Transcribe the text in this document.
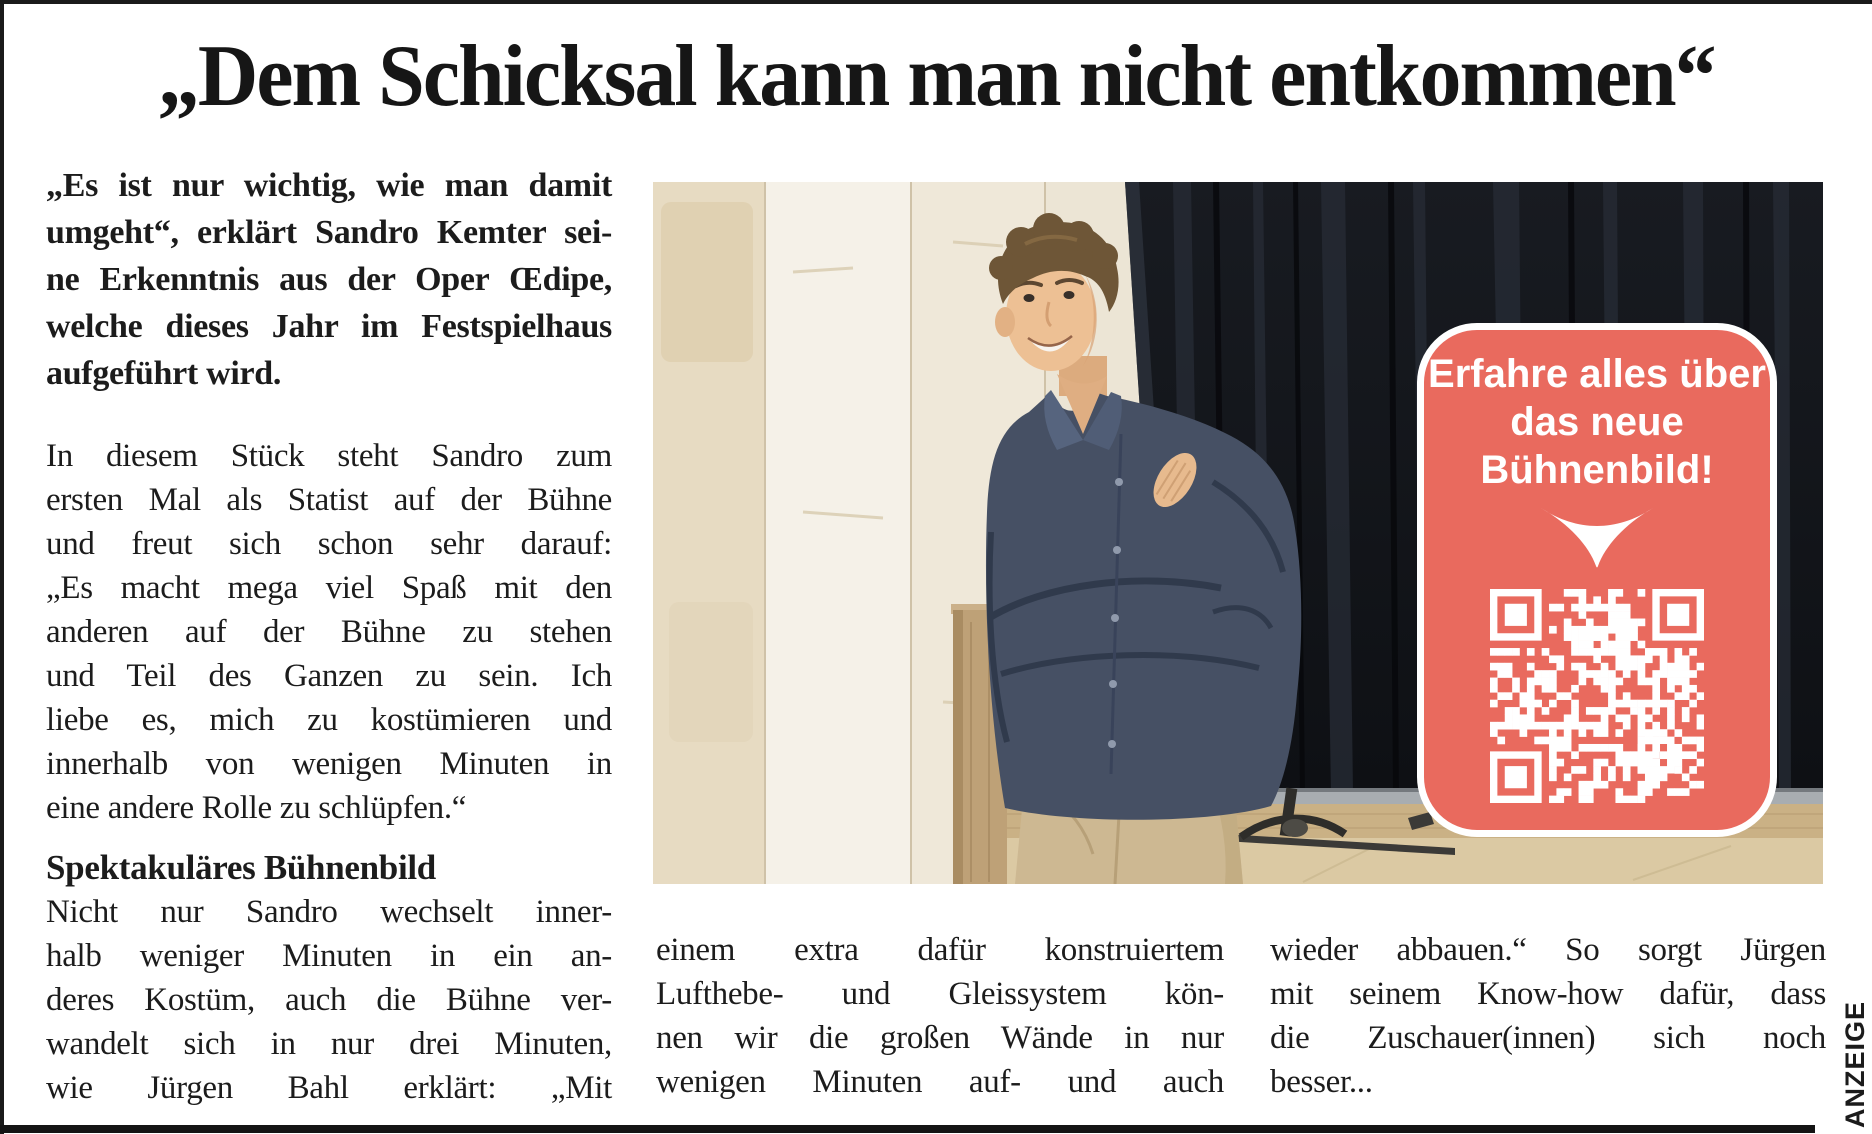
„Dem Schicksal kann man nicht entkommen“
„Es ist nur wichtig, wie man damit
umgeht“, erklärt Sandro Kemter sei-
ne Erkenntnis aus der Oper Œdipe,
welche dieses Jahr im Festspielhaus
aufgeführt wird.
In diesem Stück steht Sandro zum
ersten Mal als Statist auf der Bühne
und freut sich schon sehr darauf:
„Es macht mega viel Spaß mit den
anderen auf der Bühne zu stehen
und Teil des Ganzen zu sein. Ich
liebe es, mich zu kostümieren und
innerhalb von wenigen Minuten in
eine andere Rolle zu schlüpfen.“
Spektakuläres Bühnenbild
Nicht nur Sandro wechselt inner-
halb weniger Minuten in ein an-
deres Kostüm, auch die Bühne ver-
wandelt sich in nur drei Minuten,
wie Jürgen Bahl erklärt: „Mit
Erfahre alles über
das neue
Bühnenbild!
einem extra dafür konstruiertem
Lufthebe- und Gleissystem kön-
nen wir die großen Wände in nur
wenigen Minuten auf- und auch
wieder abbauen.“ So sorgt Jürgen
mit seinem Know-how dafür, dass
die Zuschauer(innen) sich noch
besser...	ANZEIGE
